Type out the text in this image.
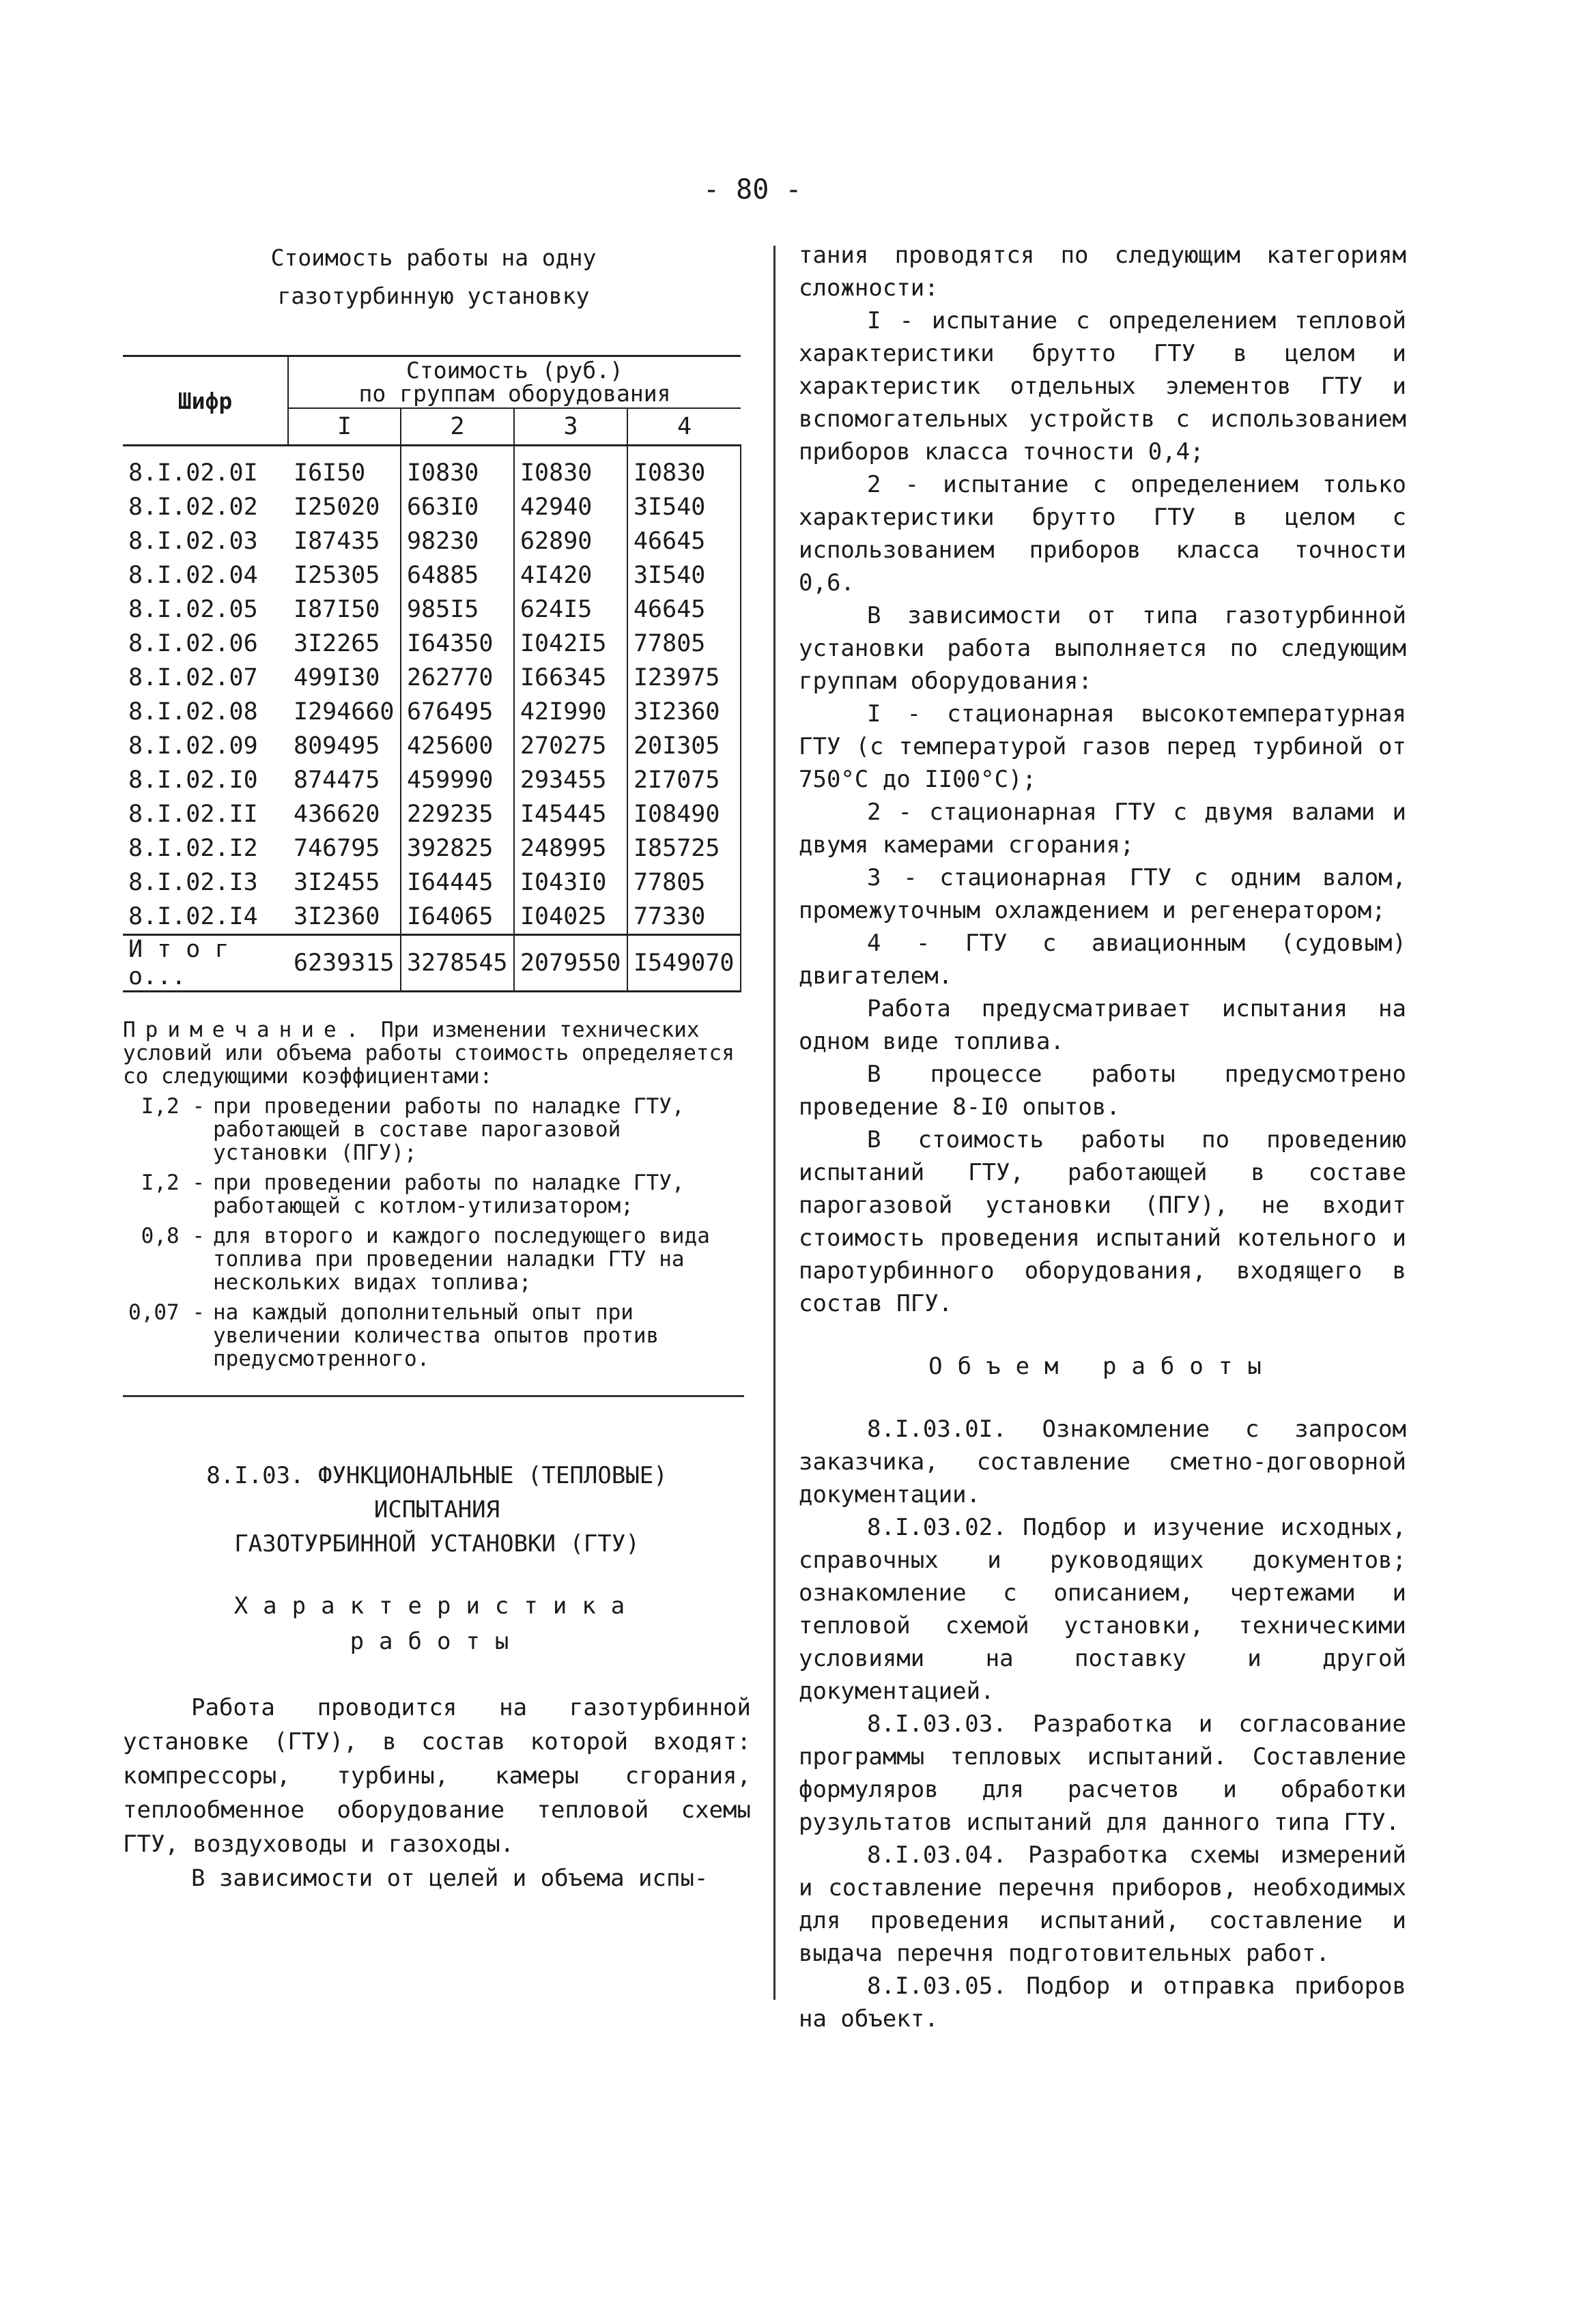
- 80 -
Стоимость работы на одну
газотурбинную установку
Шифр	Стоимость (руб.)
по группам оборудования			

	I	2	3	4
8.I.02.0I	I6I50	I0830	I0830	I0830
8.I.02.02	I25020	663I0	42940	3I540
8.I.02.03	I87435	98230	62890	46645
8.I.02.04	I25305	64885	4I420	3I540
8.I.02.05	I87I50	985I5	624I5	46645
8.I.02.06	3I2265	I64350	I042I5	77805
8.I.02.07	499I30	262770	I66345	I23975
8.I.02.08	I294660	676495	42I990	3I2360
8.I.02.09	809495	425600	270275	20I305
8.I.02.I0	874475	459990	293455	2I7075
8.I.02.II	436620	229235	I45445	I08490
8.I.02.I2	746795	392825	248995	I85725
8.I.02.I3	3I2455	I64445	I043I0	77805
8.I.02.I4	3I2360	I64065	I04025	77330
И т о г о...	6239315	3278545	2079550	I549070
Примечание. При изменении технических условий или объема работы стоимость определяется со следующими коэффициентами:
I,2 - при проведении работы по наладке ГТУ, работающей в составе парогазовой установки (ПГУ);
I,2 - при проведении работы по наладке ГТУ, работающей с котлом-утилизатором;
0,8 - для второго и каждого последующего вида топлива при проведении наладки ГТУ на нескольких видах топлива;
0,07 - на каждый дополнительный опыт при увеличении количества опытов против предусмотренного.
8.I.03. ФУНКЦИОНАЛЬНЫЕ (ТЕПЛОВЫЕ)
ИСПЫТАНИЯ
ГАЗОТУРБИННОЙ УСТАНОВКИ (ГТУ)
Характеристика
работы
Работа проводится на газотурбинной установке (ГТУ), в состав которой входят: компрессоры, турбины, камеры сгорания, теплообменное оборудование тепловой схемы ГТУ, воздуховоды и газоходы.
В зависимости от целей и объема испы-

тания проводятся по следующим категориям сложности:

I - испытание с определением тепловой характеристики брутто ГТУ в целом и характеристик отдельных элементов ГТУ и вспомогательных устройств с использованием приборов класса точности 0,4;

2 - испытание с определением только характеристики брутто ГТУ в целом с использованием приборов класса точности 0,6.

В зависимости от типа газотурбинной установки работа выполняется по следующим группам оборудования:

I - стационарная высокотемпературная ГТУ (с температурой газов перед турбиной от 750°С до II00°С);

2 - стационарная ГТУ с двумя валами и двумя камерами сгорания;

3 - стационарная ГТУ с одним валом, промежуточным охлаждением и регенератором;

4 - ГТУ с авиационным (судовым) двигателем.

Работа предусматривает испытания на одном виде топлива.

В процессе работы предусмотрено проведение 8-I0 опытов.

В стоимость работы по проведению испытаний ГТУ, работающей в составе парогазовой установки (ПГУ), не входит стоимость проведения испытаний котельного и паротурбинного оборудования, входящего в состав ПГУ.

Объем работы

8.I.03.0I. Ознакомление с запросом заказчика, составление сметно-договорной документации.

8.I.03.02. Подбор и изучение исходных, справочных и руководящих документов; ознакомление с описанием, чертежами и тепловой схемой установки, техническими условиями на поставку и другой документацией.

8.I.03.03. Разработка и согласование программы тепловых испытаний. Составление формуляров для расчетов и обработки рузультатов испытаний для данного типа ГТУ.

8.I.03.04. Разработка схемы измерений и составление перечня приборов, необходимых для проведения испытаний, составление и выдача перечня подготовительных работ.

8.I.03.05. Подбор и отправка приборов на объект.
